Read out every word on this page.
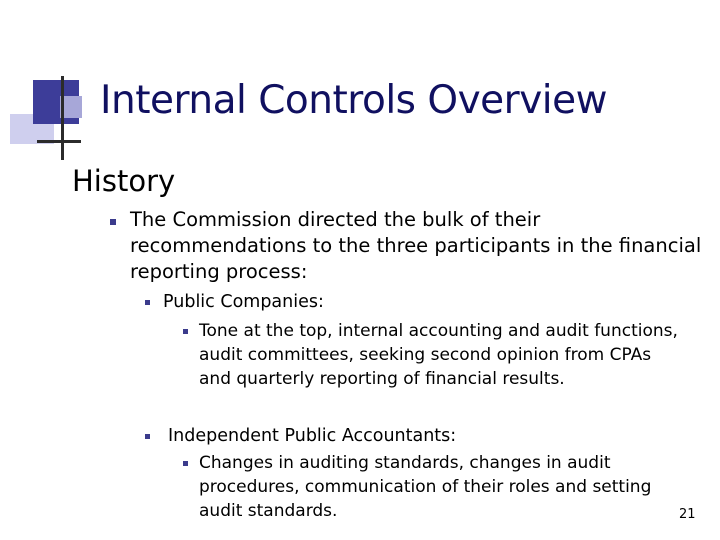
Internal Controls Overview
History
The Commission directed the bulk of their
recommendations to the three participants in the financial
reporting process:
Public Companies:
Tone at the top, internal accounting and audit functions,
audit committees, seeking second opinion from CPAs
and quarterly reporting of financial results.
Independent Public Accountants:
Changes in auditing standards, changes in audit
procedures, communication of their roles and setting
audit standards.	21
